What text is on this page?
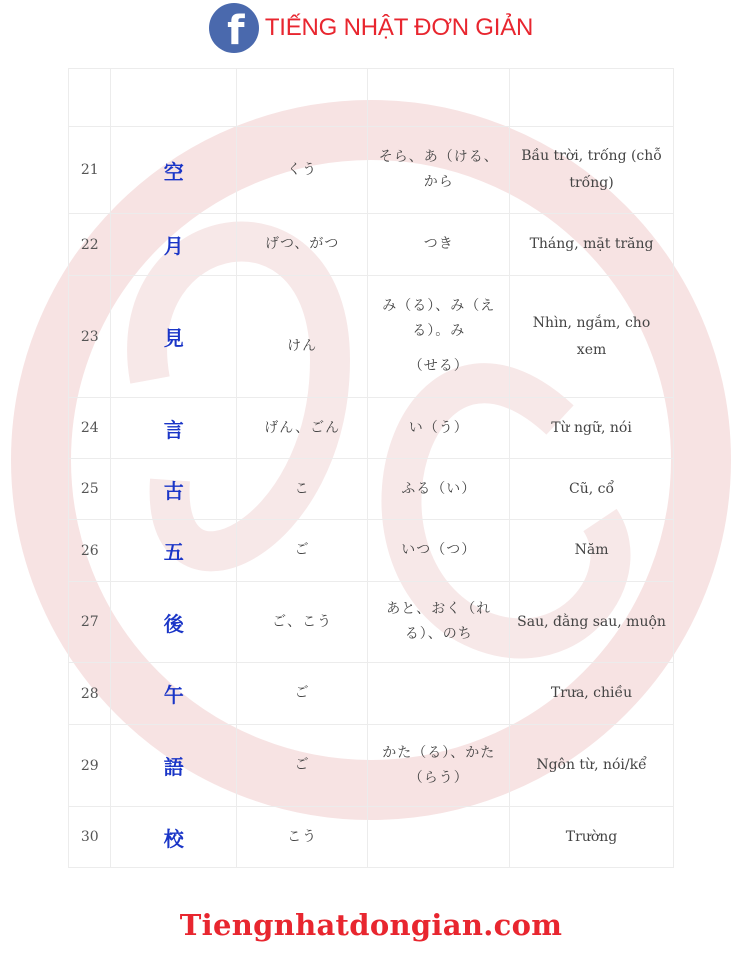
f TIẾNG NHẬT ĐƠN GIẢN

21	空	くう	そら、あ（ける、
から	Bầu trời, trống (chỗ trống)
22	月	げつ、がつ	つき	Tháng, mặt trăng
23	見	けん	み（る）、み（え
る）。み
（せる）	Nhìn, ngắm, cho xem
24	言	げん、ごん	い（う）	Từ ngữ, nói
25	古	こ	ふる（い）	Cũ, cổ
26	五	ご	いつ（つ）	Năm
27	後	ご、こう	あと、おく（れ
る）、のち	Sau, đằng sau, muộn
28	午	ご		Trưa, chiều
29	語	ご	かた（る）、かた
（らう）	Ngôn từ, nói/kể
30	校	こう		Trường
Tiengnhatdongian.com
